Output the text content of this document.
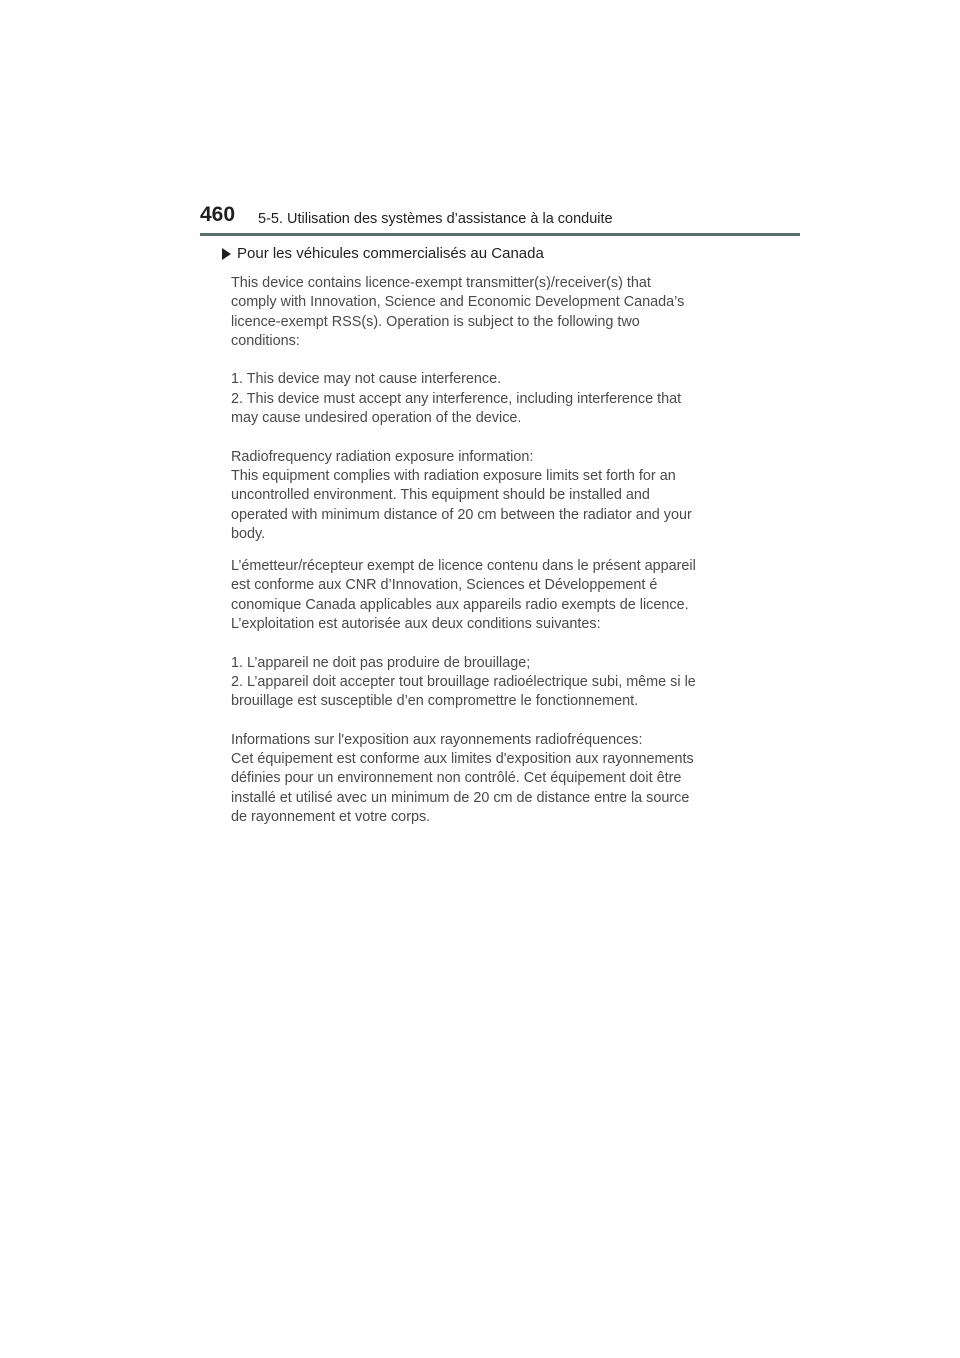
460 5-5. Utilisation des systèmes d’assistance à la conduite
Pour les véhicules commercialisés au Canada

This device contains licence-exempt transmitter(s)/receiver(s) that

comply with Innovation, Science and Economic Development Canada’s

licence-exempt RSS(s). Operation is subject to the following two

conditions:

1. This device may not cause interference.

2. This device must accept any interference, including interference that

may cause undesired operation of the device.

Radiofrequency radiation exposure information:

This equipment complies with radiation exposure limits set forth for an

uncontrolled environment. This equipment should be installed and

operated with minimum distance of 20 cm between the radiator and your

body.

L’émetteur/récepteur exempt de licence contenu dans le présent appareil

est conforme aux CNR d’Innovation, Sciences et Développement é

conomique Canada applicables aux appareils radio exempts de licence.

L’exploitation est autorisée aux deux conditions suivantes:

1. L’appareil ne doit pas produire de brouillage;

2. L’appareil doit accepter tout brouillage radioélectrique subi, même si le

brouillage est susceptible d’en compromettre le fonctionnement.

Informations sur l'exposition aux rayonnements radiofréquences:

Cet équipement est conforme aux limites d'exposition aux rayonnements

définies pour un environnement non contrôlé. Cet équipement doit être

installé et utilisé avec un minimum de 20 cm de distance entre la source

de rayonnement et votre corps.
